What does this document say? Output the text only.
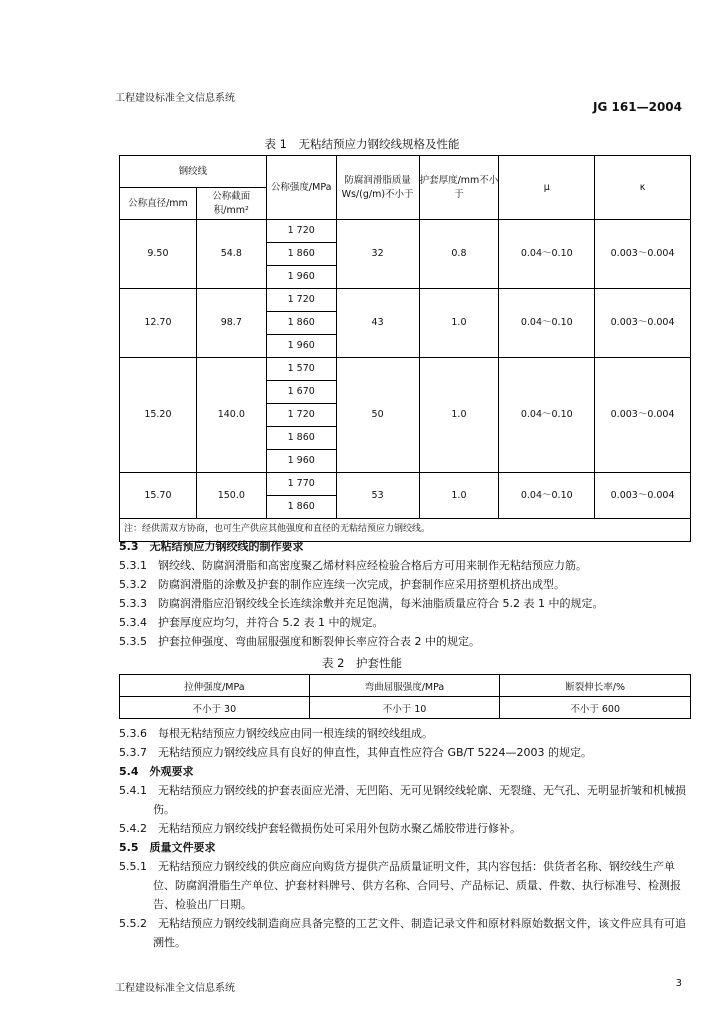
工程建设标准全文信息系统
JG 161—2004
表 1　无粘结预应力钢绞线规格及性能
钢绞线		公称强度/MPa	防腐润滑脂质量 Ws/(g/m)不小于	护套厚度/mm不小于	μ	κ
公称直径/mm	公称截面积/mm²					
9.50	54.8	1 720	32	0.8	0.04～0.10	0.003～0.004
		1 860				
		1 960				
12.70	98.7	1 720	43	1.0	0.04～0.10	0.003～0.004
		1 860				
		1 960				
15.20	140.0	1 570	50	1.0	0.04～0.10	0.003～0.004
		1 670				
		1 720				
		1 860				
		1 960				
15.70	150.0	1 770	53	1.0	0.04～0.10	0.003～0.004
		1 860				
注：经供需双方协商，也可生产供应其他强度和直径的无粘结预应力钢绞线。						

5.3　无粘结预应力钢绞线的制作要求

5.3.1　钢绞线、防腐润滑脂和高密度聚乙烯材料应经检验合格后方可用来制作无粘结预应力筋。

5.3.2　防腐润滑脂的涂敷及护套的制作应连续一次完成，护套制作应采用挤塑机挤出成型。

5.3.3　防腐润滑脂应沿钢绞线全长连续涂敷并充足饱满，每米油脂质量应符合 5.2 表 1 中的规定。

5.3.4　护套厚度应均匀，并符合 5.2 表 1 中的规定。

5.3.5　护套拉伸强度、弯曲屈服强度和断裂伸长率应符合表 2 中的规定。

表 2　护套性能
拉伸强度/MPa	弯曲屈服强度/MPa	断裂伸长率/%
不小于 30	不小于 10	不小于 600

5.3.6　每根无粘结预应力钢绞线应由同一根连续的钢绞线组成。

5.3.7　无粘结预应力钢绞线应具有良好的伸直性，其伸直性应符合 GB/T 5224—2003 的规定。

5.4　外观要求

5.4.1　无粘结预应力钢绞线的护套表面应光滑、无凹陷、无可见钢绞线轮廓、无裂缝、无气孔、无明显折皱和机械损伤。

5.4.2　无粘结预应力钢绞线护套轻微损伤处可采用外包防水聚乙烯胶带进行修补。

5.5　质量文件要求

5.5.1　无粘结预应力钢绞线的供应商应向购货方提供产品质量证明文件，其内容包括：供货者名称、钢绞线生产单位、防腐润滑脂生产单位、护套材料牌号、供方名称、合同号、产品标记、质量、件数、执行标准号、检测报告、检验出厂日期。

5.5.2　无粘结预应力钢绞线制造商应具备完整的工艺文件、制造记录文件和原材料原始数据文件，该文件应具有可追溯性。

工程建设标准全文信息系统	3
